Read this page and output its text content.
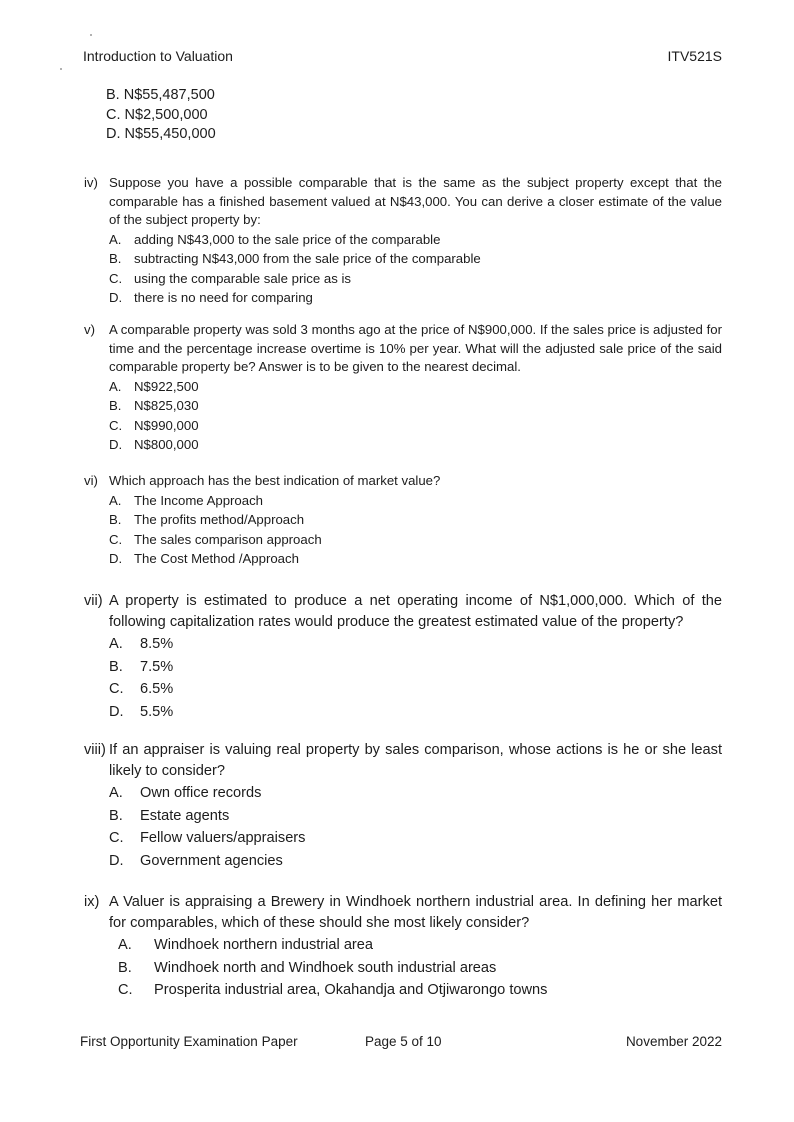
Introduction to Valuation	ITV521S
B. N$55,487,500
C. N$2,500,000
D. N$55,450,000
iv) Suppose you have a possible comparable that is the same as the subject property except that the comparable has a finished basement valued at N$43,000. You can derive a closer estimate of the value of the subject property by:
A. adding N$43,000 to the sale price of the comparable
B. subtracting N$43,000 from the sale price of the comparable
C. using the comparable sale price as is
D. there is no need for comparing
v) A comparable property was sold 3 months ago at the price of N$900,000. If the sales price is adjusted for time and the percentage increase overtime is 10% per year. What will the adjusted sale price of the said comparable property be? Answer is to be given to the nearest decimal.
A. N$922,500
B. N$825,030
C. N$990,000
D. N$800,000
vi) Which approach has the best indication of market value?
A. The Income Approach
B. The profits method/Approach
C. The sales comparison approach
D. The Cost Method /Approach
vii) A property is estimated to produce a net operating income of N$1,000,000. Which of the following capitalization rates would produce the greatest estimated value of the property?
A. 8.5%
B. 7.5%
C. 6.5%
D. 5.5%
viii) If an appraiser is valuing real property by sales comparison, whose actions is he or she least likely to consider?
A. Own office records
B. Estate agents
C. Fellow valuers/appraisers
D. Government agencies
ix) A Valuer is appraising a Brewery in Windhoek northern industrial area. In defining her market for comparables, which of these should she most likely consider?
A. Windhoek northern industrial area
B. Windhoek north and Windhoek south industrial areas
C. Prosperita industrial area, Okahandja and Otjiwarongo towns
First Opportunity Examination Paper	Page 5 of 10	November 2022
